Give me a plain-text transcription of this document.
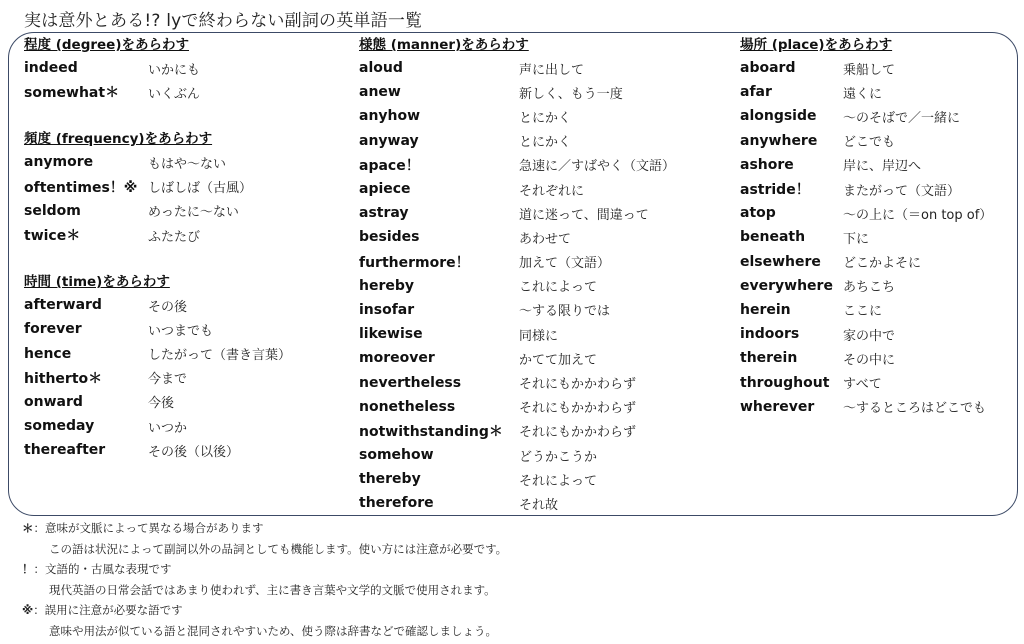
実は意外とある!? lyで終わらない副詞の英単語一覧
程度 (degree)をあらわす
indeed	いかにも
somewhat＊	いくぶん
頻度 (frequency)をあらわす
anymore	もはや～ない
oftentimes！※ しばしば（古風）
seldom	めったに～ない
twice＊	ふたたび
時間 (time)をあらわす
afterward	その後
forever	いつまでも
hence	したがって（書き言葉）
hitherto＊	今まで
onward	今後
someday	いつか
thereafter	その後（以後）
様態 (manner)をあらわす
aloud	声に出して
anew	新しく、もう一度
anyhow	とにかく
anyway	とにかく
apace！	急速に／すばやく（文語）
apiece	それぞれに
astray	道に迷って、間違って
besides	あわせて
furthermore！	加えて（文語）
hereby	これによって
insofar	～する限りでは
likewise	同様に
moreover	かてて加えて
nevertheless	それにもかかわらず
nonetheless	それにもかかわらず
notwithstanding＊	それにもかかわらず
somehow	どうかこうか
thereby	それによって
therefore	それ故
場所 (place)をあらわす
aboard	乗船して
afar	遠くに
alongside	～のそばで／一緒に
anywhere	どこでも
ashore	岸に、岸辺へ
astride！	またがって（文語）
atop	～の上に（＝on top of）
beneath	下に
elsewhere	どこかよそに
everywhere あちこち
herein	ここに
indoors	家の中で
therein	その中に
throughout	すべて
wherever	～するところはどこでも
＊：意味が文脈によって異なる場合があります
この語は状況によって副詞以外の品詞としても機能します。使い方には注意が必要です。
！：文語的・古風な表現です
現代英語の日常会話ではあまり使われず、主に書き言葉や文学的文脈で使用されます。
※：誤用に注意が必要な語です
意味や用法が似ている語と混同されやすいため、使う際は辞書などで確認しましょう。
